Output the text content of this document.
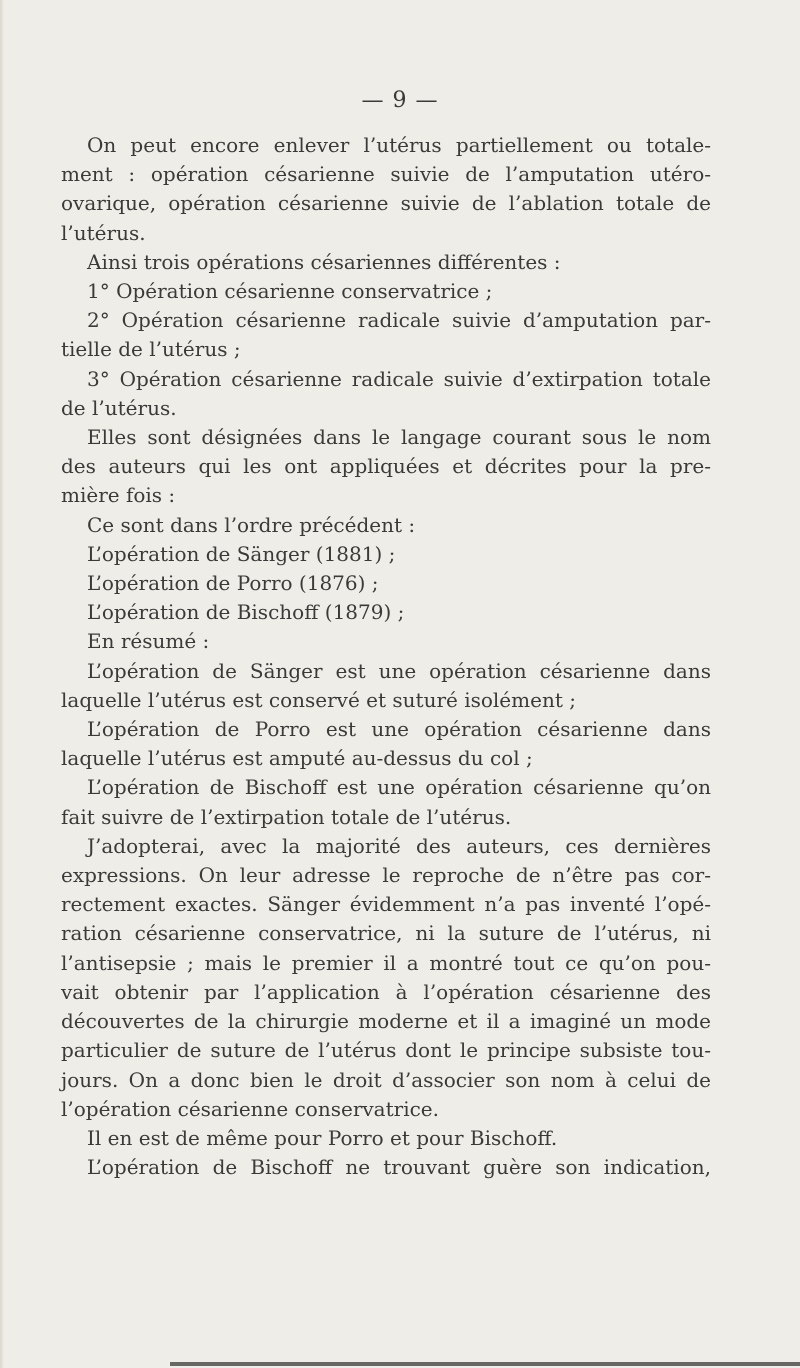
— 9 —
On peut encore enlever l’utérus partiellement ou totale-
ment : opération césarienne suivie de l’amputation utéro-
ovarique, opération césarienne suivie de l’ablation totale de
l’utérus.
Ainsi trois opérations césariennes différentes :
1° Opération césarienne conservatrice ;
2° Opération césarienne radicale suivie d’amputation par-
tielle de l’utérus ;
3° Opération césarienne radicale suivie d’extirpation totale
de l’utérus.
Elles sont désignées dans le langage courant sous le nom
des auteurs qui les ont appliquées et décrites pour la pre-
mière fois :
Ce sont dans l’ordre précédent :
L’opération de Sänger (1881) ;
L’opération de Porro (1876) ;
L’opération de Bischoff (1879) ;
En résumé :
L’opération de Sänger est une opération césarienne dans
laquelle l’utérus est conservé et suturé isolément ;
L’opération de Porro est une opération césarienne dans
laquelle l’utérus est amputé au-dessus du col ;
L’opération de Bischoff est une opération césarienne qu’on
fait suivre de l’extirpation totale de l’utérus.
J’adopterai, avec la majorité des auteurs, ces dernières
expressions. On leur adresse le reproche de n’être pas cor-
rectement exactes. Sänger évidemment n’a pas inventé l’opé-
ration césarienne conservatrice, ni la suture de l’utérus, ni
l’antisepsie ; mais le premier il a montré tout ce qu’on pou-
vait obtenir par l’application à l’opération césarienne des
découvertes de la chirurgie moderne et il a imaginé un mode
particulier de suture de l’utérus dont le principe subsiste tou-
jours. On a donc bien le droit d’associer son nom à celui de
l’opération césarienne conservatrice.
Il en est de même pour Porro et pour Bischoff.
L’opération de Bischoff ne trouvant guère son indication,
